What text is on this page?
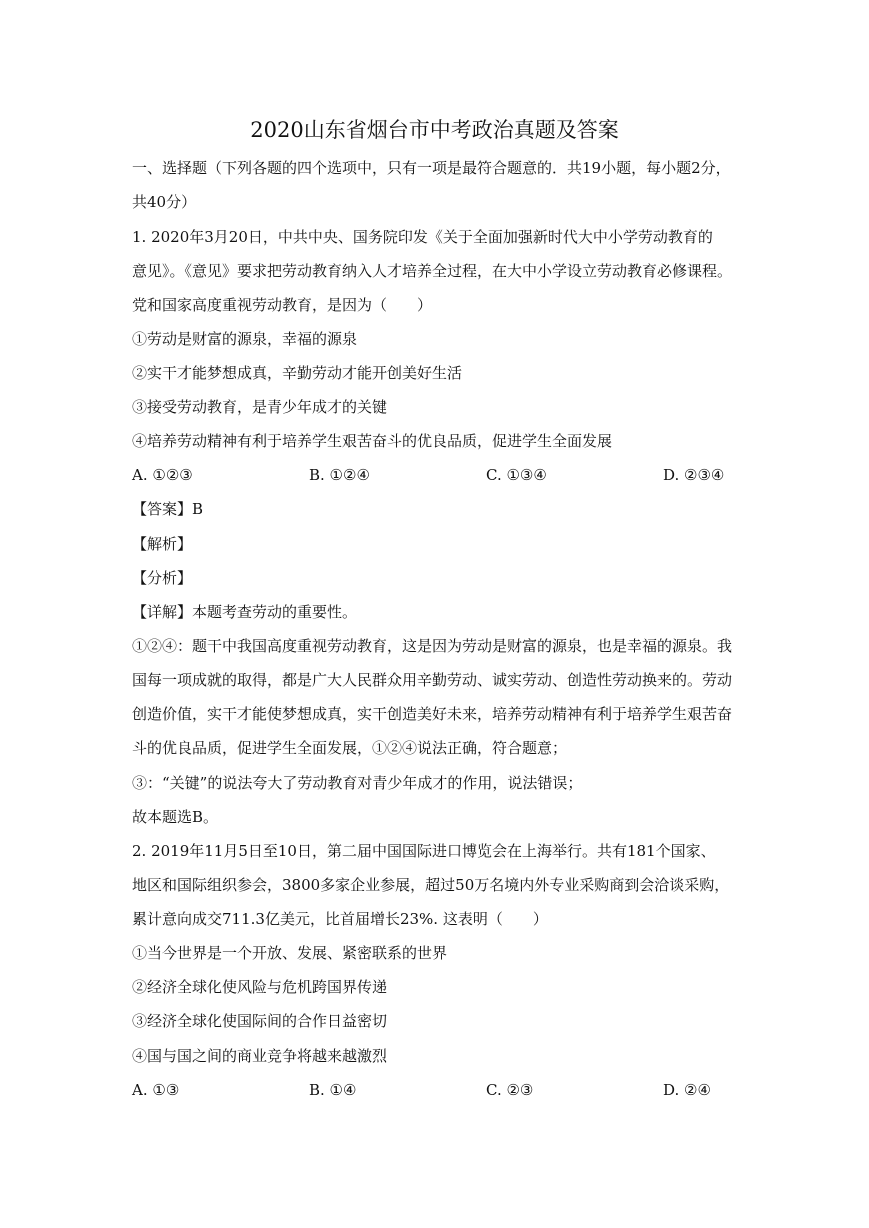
2020山东省烟台市中考政治真题及答案
一、选择题（下列各题的四个选项中，只有一项是最符合题意的．共19小题，每小题2分，
共40分）
1. 2020年3月20日，中共中央、国务院印发《关于全面加强新时代大中小学劳动教育的
意见》。《意见》要求把劳动教育纳入人才培养全过程，在大中小学设立劳动教育必修课程。
党和国家高度重视劳动教育，是因为（　　）
①劳动是财富的源泉，幸福的源泉
②实干才能梦想成真，辛勤劳动才能开创美好生活
③接受劳动教育，是青少年成才的关键
④培养劳动精神有利于培养学生艰苦奋斗的优良品质，促进学生全面发展
A. ①②③	B. ①②④	C. ①③④	D. ②③④
【答案】B
【解析】
【分析】
【详解】本题考查劳动的重要性。
①②④：题干中我国高度重视劳动教育，这是因为劳动是财富的源泉，也是幸福的源泉。我
国每一项成就的取得，都是广大人民群众用辛勤劳动、诚实劳动、创造性劳动换来的。劳动
创造价值，实干才能使梦想成真，实干创造美好未来，培养劳动精神有利于培养学生艰苦奋
斗的优良品质，促进学生全面发展，①②④说法正确，符合题意；
③：“关键”的说法夸大了劳动教育对青少年成才的作用，说法错误；
故本题选B。
2. 2019年11月5日至10日，第二届中国国际进口博览会在上海举行。共有181个国家、
地区和国际组织参会，3800多家企业参展，超过50万名境内外专业采购商到会洽谈采购，
累计意向成交711.3亿美元，比首届增长23%. 这表明（　　）
①当今世界是一个开放、发展、紧密联系的世界
②经济全球化使风险与危机跨国界传递
③经济全球化使国际间的合作日益密切
④国与国之间的商业竞争将越来越激烈
A. ①③	B. ①④	C. ②③	D. ②④
